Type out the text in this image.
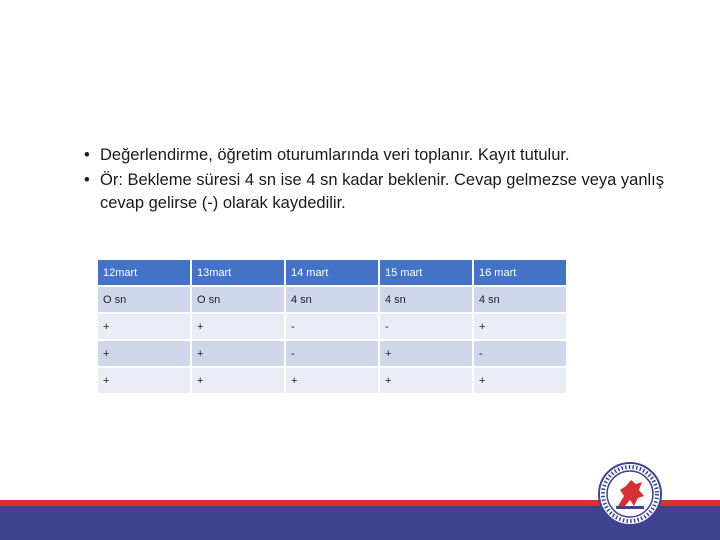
• Değerlendirme, öğretim oturumlarında veri toplanır. Kayıt tutulur.
• Ör: Bekleme süresi 4 sn ise 4 sn kadar beklenir. Cevap gelmezse veya yanlış cevap gelirse (-) olarak kaydedilir.
12mart	13mart	14 mart	15 mart	16 mart
O sn	O sn	4 sn	4 sn	4 sn
+	+	-	-	+
+	+	-	+	-
+	+	+	+	+
